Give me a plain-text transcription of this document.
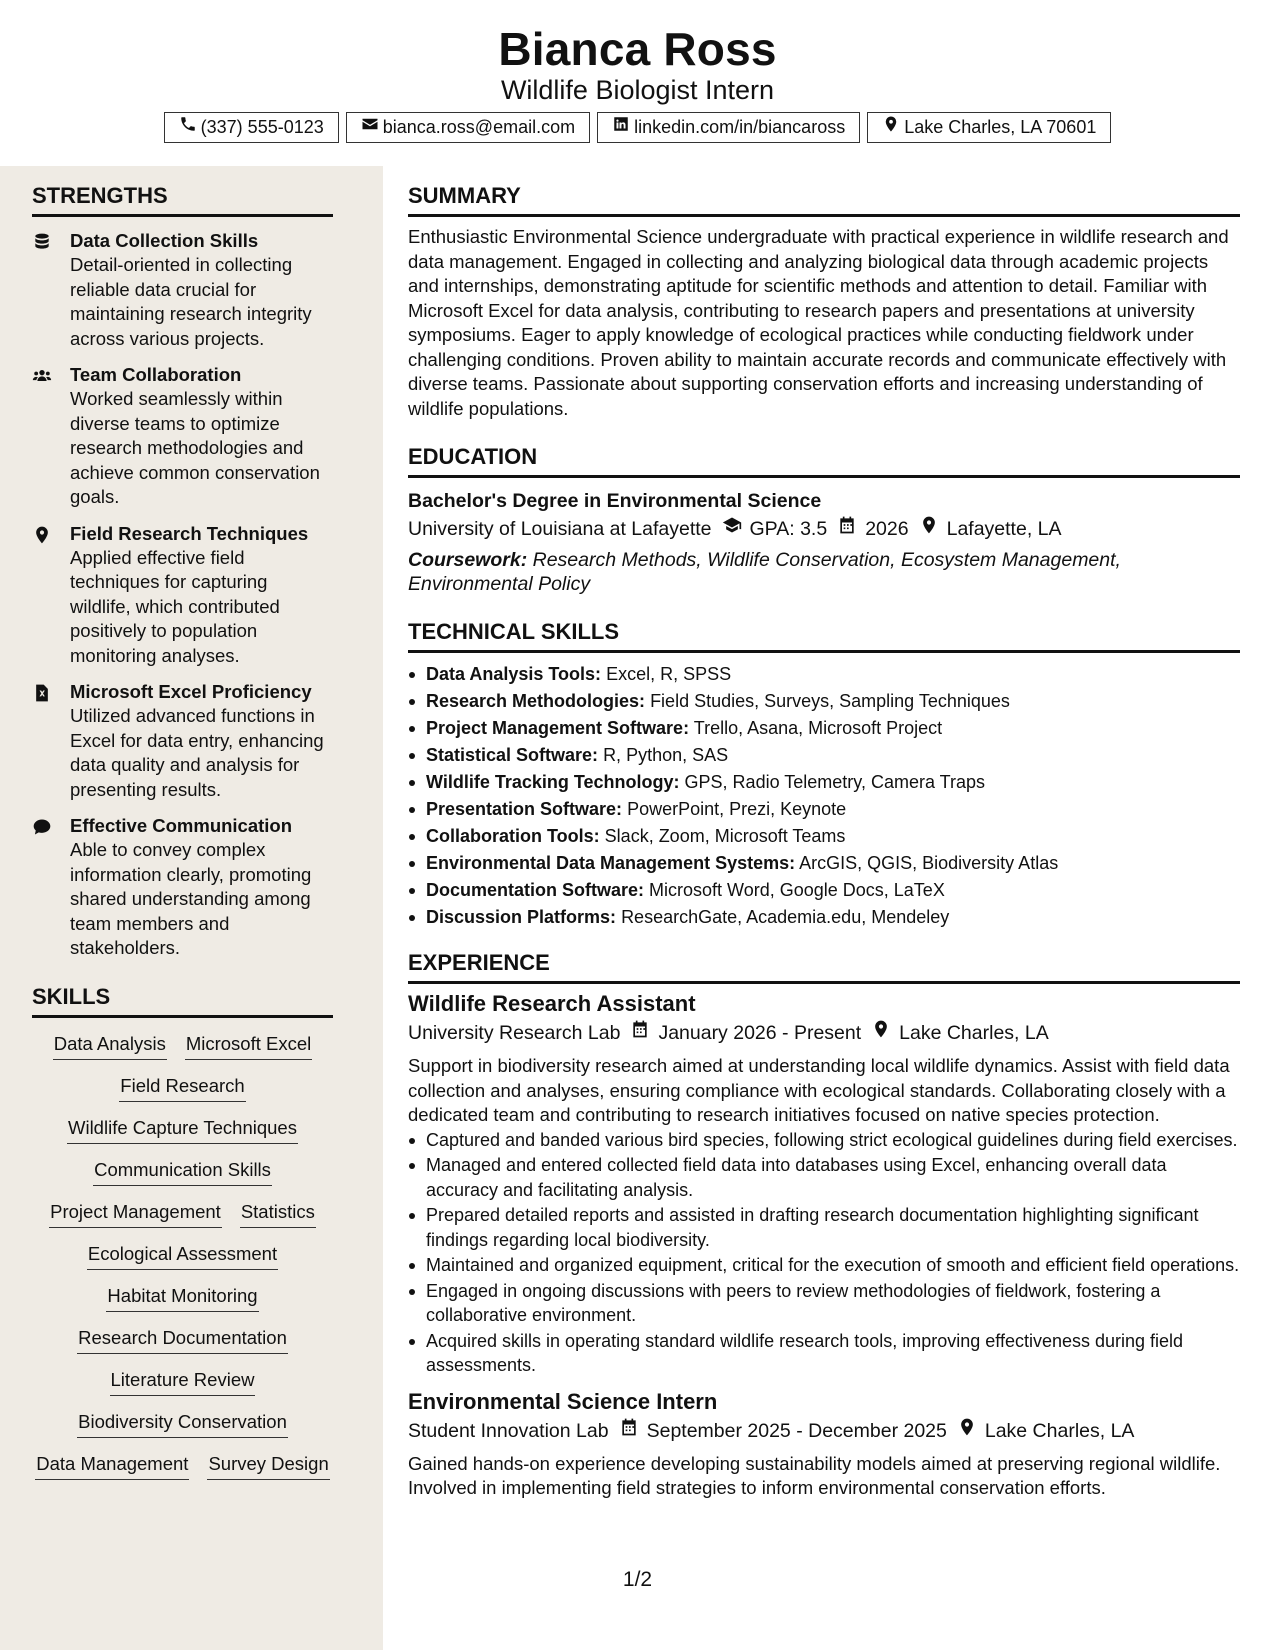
Bianca Ross
Wildlife Biologist Intern
(337) 555-0123	bianca.ross@email.com	linkedin.com/in/biancaross	Lake Charles, LA 70601
STRENGTHS
Data Collection Skills

Detail-oriented in collecting reliable data crucial for maintaining research integrity across various projects.

Team Collaboration

Worked seamlessly within diverse teams to optimize research methodologies and achieve common conservation goals.

Field Research Techniques

Applied effective field techniques for capturing wildlife, which contributed positively to population monitoring analyses.

Microsoft Excel Proficiency

Utilized advanced functions in Excel for data entry, enhancing data quality and analysis for presenting results.

Effective Communication

Able to convey complex information clearly, promoting shared understanding among team members and stakeholders.

SKILLS
Data Analysis Microsoft Excel
Field Research
Wildlife Capture Techniques
Communication Skills
Project Management Statistics
Ecological Assessment
Habitat Monitoring
Research Documentation
Literature Review
Biodiversity Conservation
Data Management Survey Design
SUMMARY

Enthusiastic Environmental Science undergraduate with practical experience in wildlife research and data management. Engaged in collecting and analyzing biological data through academic projects and internships, demonstrating aptitude for scientific methods and attention to detail. Familiar with Microsoft Excel for data analysis, contributing to research papers and presentations at university symposiums. Eager to apply knowledge of ecological practices while conducting fieldwork under challenging conditions. Proven ability to maintain accurate records and communicate effectively with diverse teams. Passionate about supporting conservation efforts and increasing understanding of wildlife populations.

EDUCATION
Bachelor's Degree in Environmental Science
University of Louisiana at Lafayette GPA: 3.5 2026 Lafayette, LA

Coursework: Research Methods, Wildlife Conservation, Ecosystem Management, Environmental Policy

TECHNICAL SKILLS
Data Analysis Tools: Excel, R, SPSS
Research Methodologies: Field Studies, Surveys, Sampling Techniques
Project Management Software: Trello, Asana, Microsoft Project
Statistical Software: R, Python, SAS
Wildlife Tracking Technology: GPS, Radio Telemetry, Camera Traps
Presentation Software: PowerPoint, Prezi, Keynote
Collaboration Tools: Slack, Zoom, Microsoft Teams
Environmental Data Management Systems: ArcGIS, QGIS, Biodiversity Atlas
Documentation Software: Microsoft Word, Google Docs, LaTeX
Discussion Platforms: ResearchGate, Academia.edu, Mendeley
EXPERIENCE
Wildlife Research Assistant
University Research Lab January 2026 - Present Lake Charles, LA

Support in biodiversity research aimed at understanding local wildlife dynamics. Assist with field data collection and analyses, ensuring compliance with ecological standards. Collaborating closely with a dedicated team and contributing to research initiatives focused on native species protection.

Captured and banded various bird species, following strict ecological guidelines during field exercises.
Managed and entered collected field data into databases using Excel, enhancing overall data accuracy and facilitating analysis.
Prepared detailed reports and assisted in drafting research documentation highlighting significant findings regarding local biodiversity.
Maintained and organized equipment, critical for the execution of smooth and efficient field operations.
Engaged in ongoing discussions with peers to review methodologies of fieldwork, fostering a collaborative environment.
Acquired skills in operating standard wildlife research tools, improving effectiveness during field assessments.
Environmental Science Intern
Student Innovation Lab September 2025 - December 2025 Lake Charles, LA

Gained hands-on experience developing sustainability models aimed at preserving regional wildlife. Involved in implementing field strategies to inform environmental conservation efforts.

1/2
